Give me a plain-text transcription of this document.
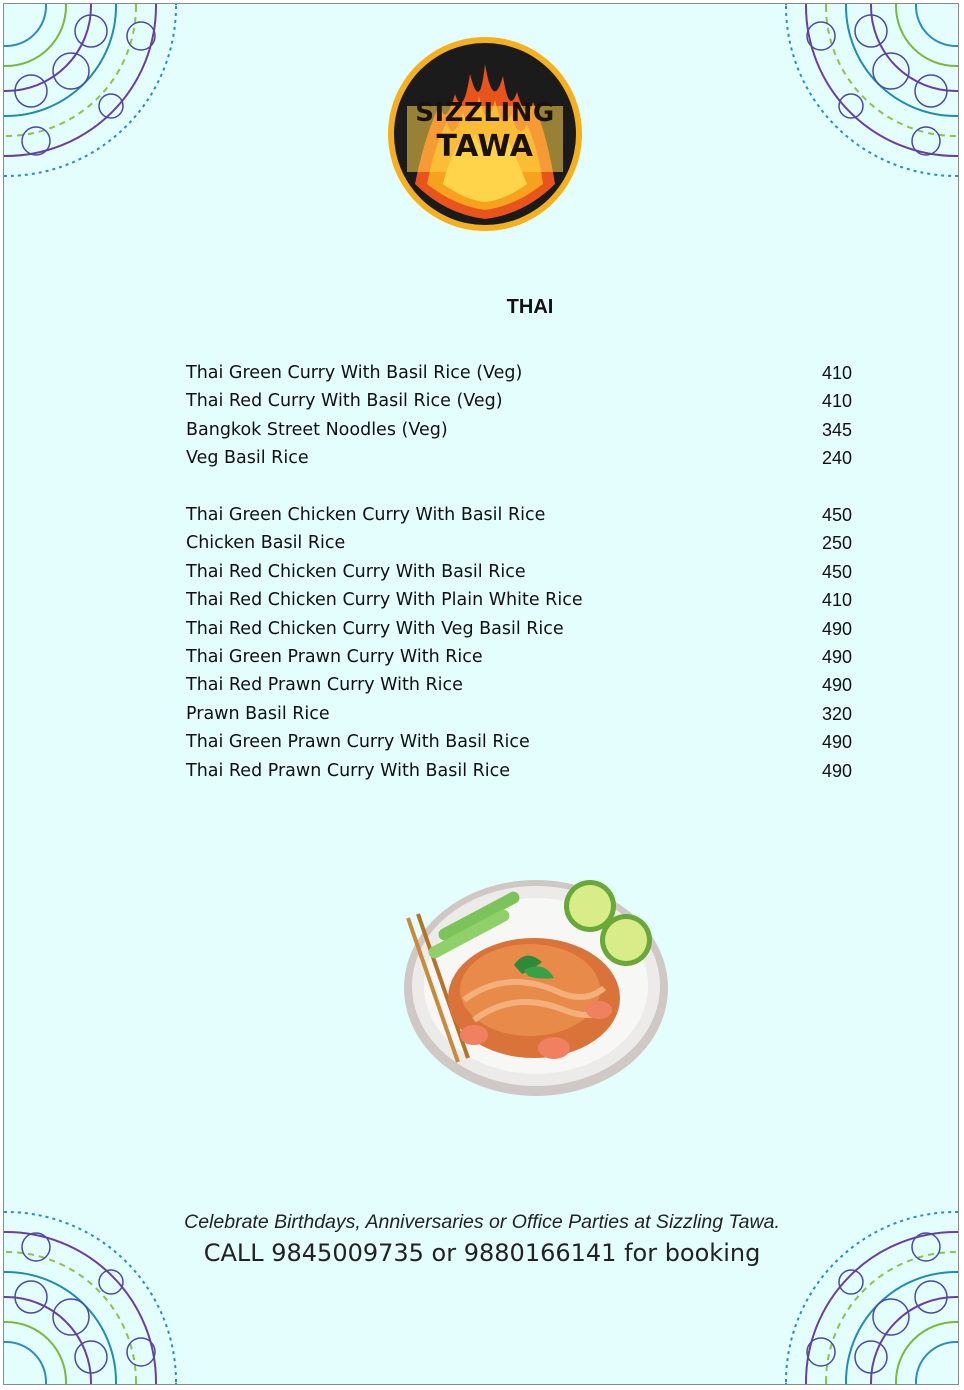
SIZZLING
TAWA
THAI
Thai Green Curry With Basil Rice (Veg)	410
Thai Red Curry With Basil Rice (Veg)	410
Bangkok Street Noodles (Veg)	345
Veg Basil Rice	240
Thai Green Chicken Curry With Basil Rice	450
Chicken Basil Rice	250
Thai Red Chicken Curry With Basil Rice	450
Thai Red Chicken Curry With Plain White Rice	410
Thai Red Chicken Curry With Veg Basil Rice	490
Thai Green Prawn Curry With Rice	490
Thai Red Prawn Curry With Rice	490
Prawn Basil Rice	320
Thai Green Prawn Curry With Basil Rice	490
Thai Red Prawn Curry With Basil Rice	490
Celebrate Birthdays, Anniversaries or Office Parties at Sizzling Tawa.
CALL 9845009735 or 9880166141 for booking
